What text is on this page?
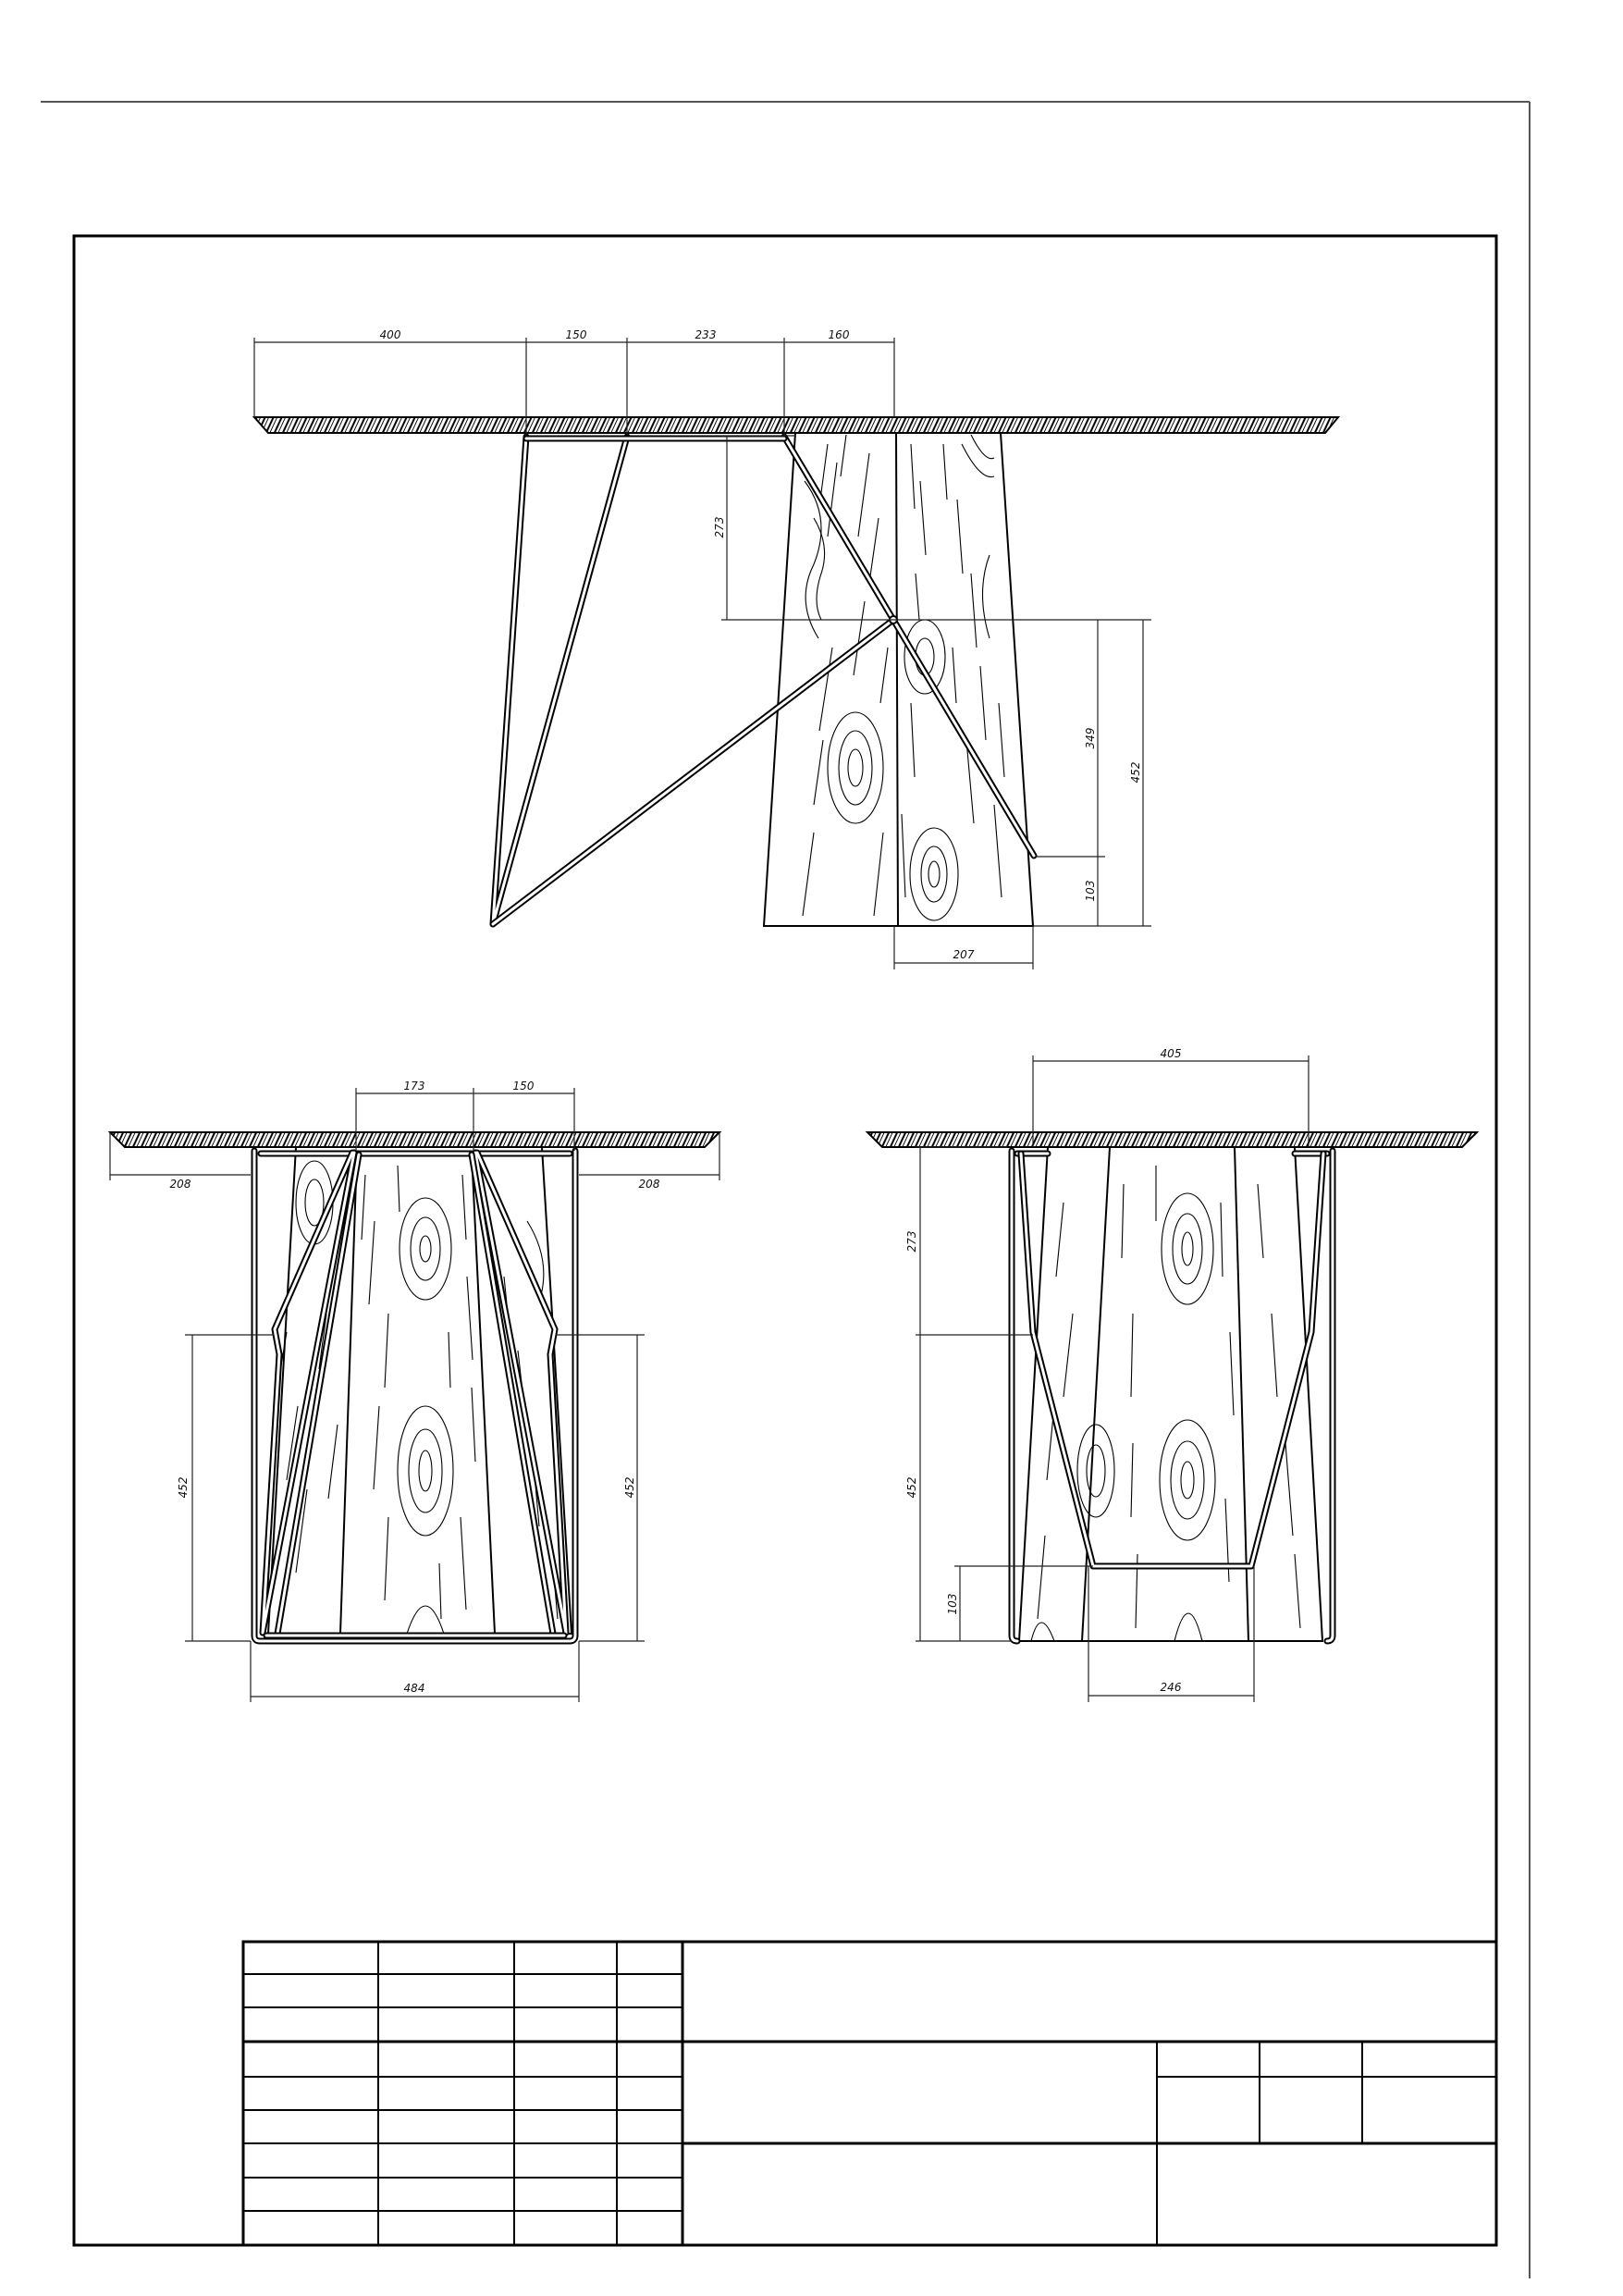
400	150	233	160
273
349
452
103
207
173	150
208	208
452	452
484
405
273
452
103
246
